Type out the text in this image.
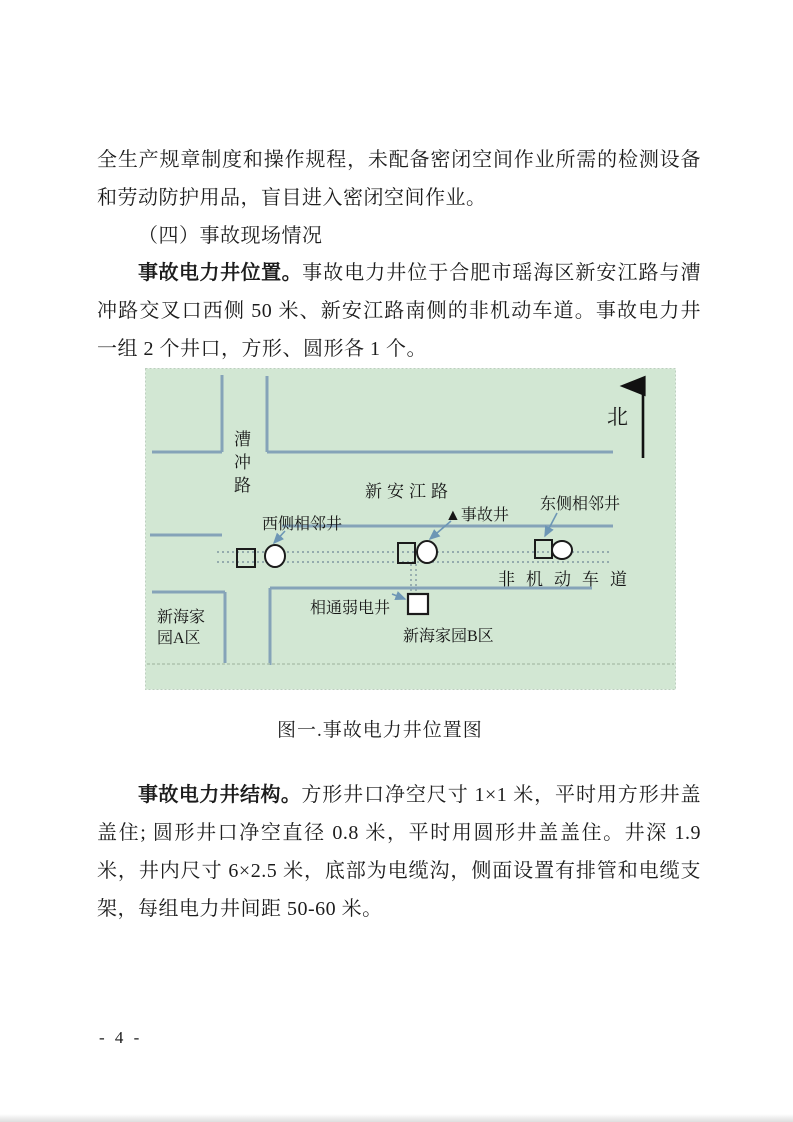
全生产规章制度和操作规程，未配备密闭空间作业所需的检测设备和劳动防护用品，盲目进入密闭空间作业。

（四）事故现场情况

事故电力井位置。事故电力井位于合肥市瑶海区新安江路与漕冲路交叉口西侧 50 米、新安江路南侧的非机动车道。事故电力井一组 2 个井口，方形、圆形各 1 个。

北
漕
冲
路	新安江路
西侧相邻井
▲事故井
东侧相邻井
非机动车道
相通弱电井
新海家
园A区	新海家园B区

图一.事故电力井位置图

事故电力井结构。方形井口净空尺寸 1×1 米，平时用方形井盖盖住; 圆形井口净空直径 0.8 米，平时用圆形井盖盖住。井深 1.9 米，井内尺寸 6×2.5 米，底部为电缆沟，侧面设置有排管和电缆支架，每组电力井间距 50-60 米。

- 4 -
